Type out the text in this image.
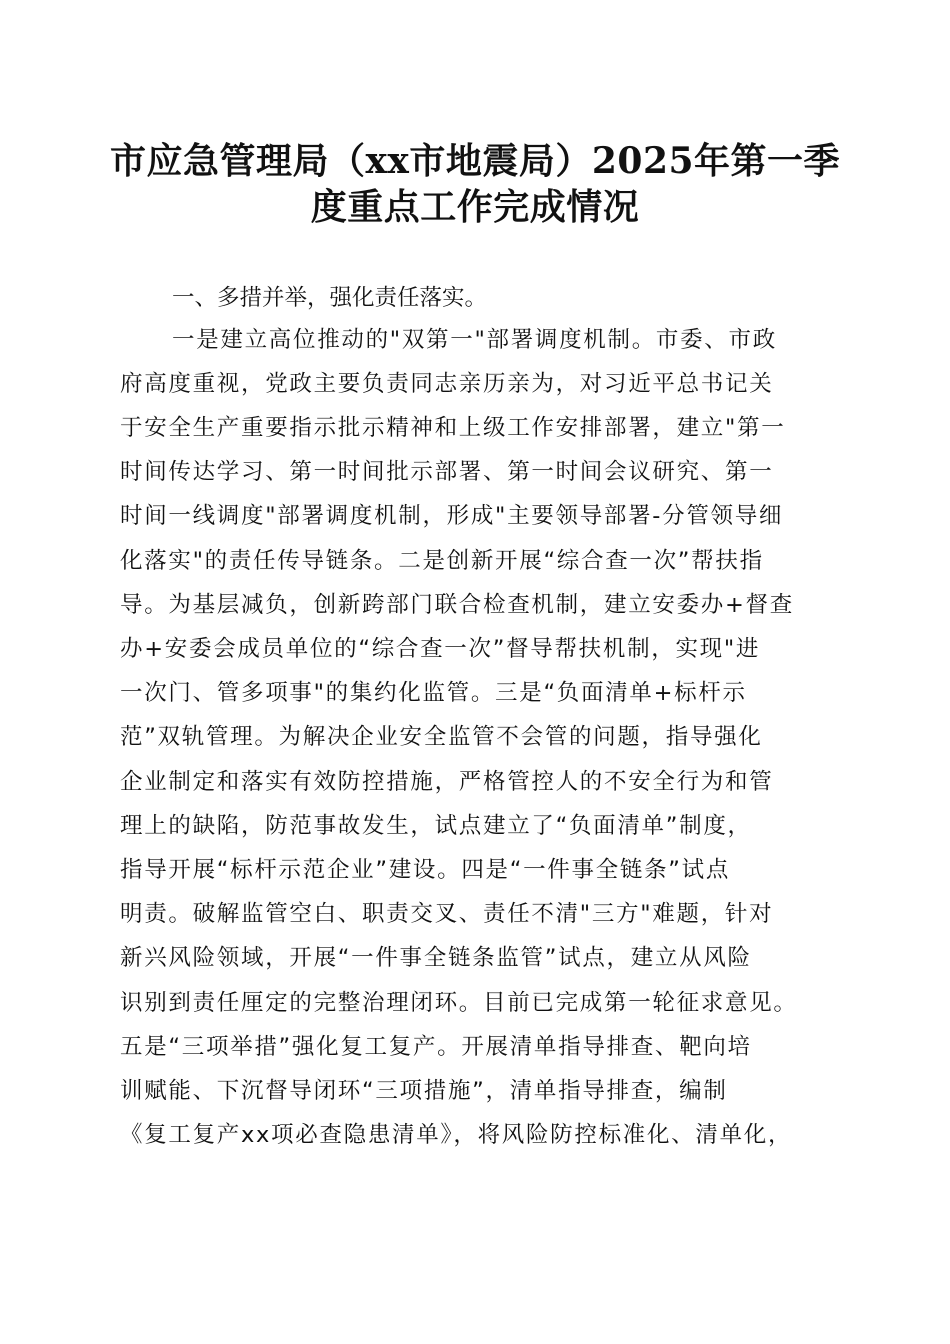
市应急管理局（xx市地震局）2025年第一季
度重点工作完成情况
一、多措并举，强化责任落实。
一是建立高位推动的"双第一"部署调度机制。市委、市政
府高度重视，党政主要负责同志亲历亲为，对习近平总书记关
于安全生产重要指示批示精神和上级工作安排部署，建立"第一
时间传达学习、第一时间批示部署、第一时间会议研究、第一
时间一线调度"部署调度机制，形成"主要领导部署-分管领导细
化落实"的责任传导链条。二是创新开展“综合查一次”帮扶指
导。为基层减负，创新跨部门联合检查机制，建立安委办+督查
办+安委会成员单位的“综合查一次”督导帮扶机制，实现"进
一次门、管多项事"的集约化监管。三是“负面清单+标杆示
范”双轨管理。为解决企业安全监管不会管的问题，指导强化
企业制定和落实有效防控措施，严格管控人的不安全行为和管
理上的缺陷，防范事故发生，试点建立了“负面清单”制度，
指导开展“标杆示范企业”建设。四是“一件事全链条”试点
明责。破解监管空白、职责交叉、责任不清"三方"难题，针对
新兴风险领域，开展“一件事全链条监管”试点，建立从风险
识别到责任厘定的完整治理闭环。目前已完成第一轮征求意见。
五是“三项举措”强化复工复产。开展清单指导排查、靶向培
训赋能、下沉督导闭环“三项措施”，清单指导排查，编制
《复工复产xx项必查隐患清单》，将风险防控标准化、清单化，
